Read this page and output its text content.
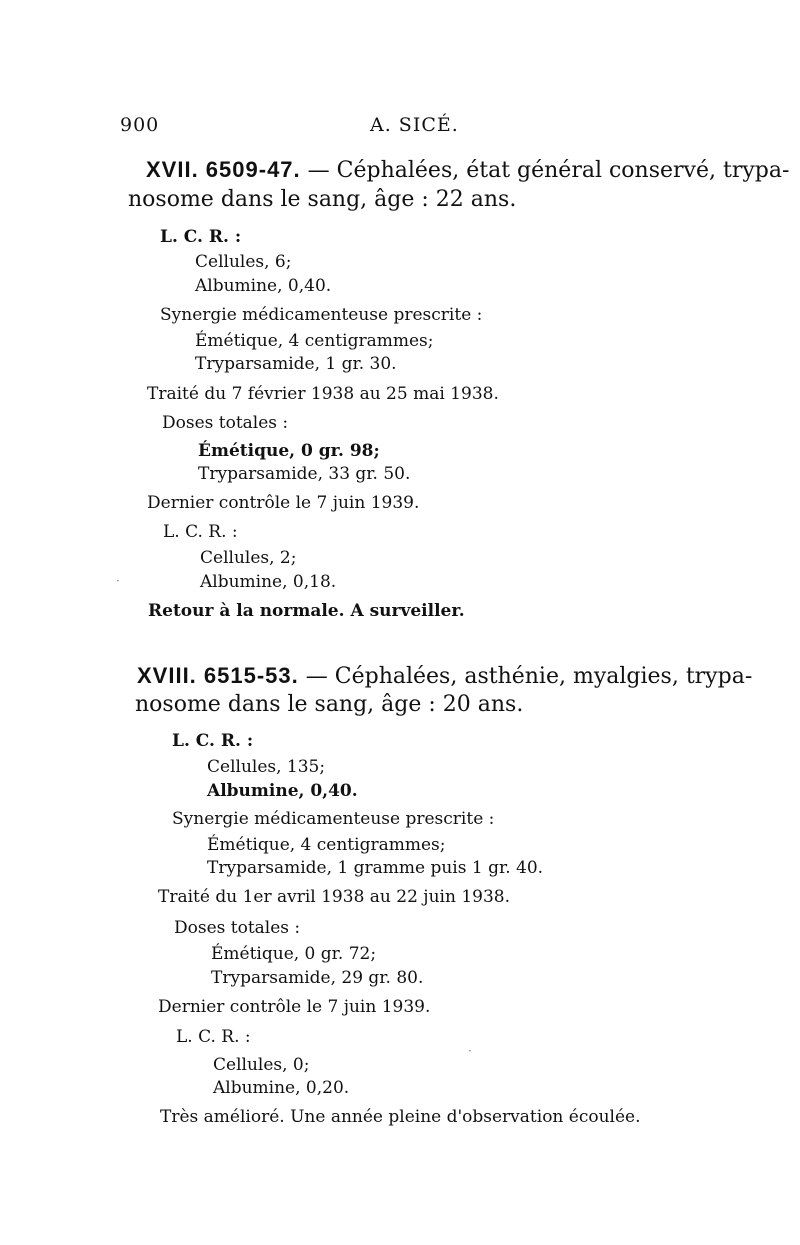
900	A. SICÉ.
XVII. 6509-47. — Céphalées, état général conservé, trypa-
nosome dans le sang, âge : 22 ans.
L. C. R. :
Cellules, 6;
Albumine, 0,40.
Synergie médicamenteuse prescrite :
Émétique, 4 centigrammes;
Tryparsamide, 1 gr. 30.
Traité du 7 février 1938 au 25 mai 1938.
Doses totales :
Émétique, 0 gr. 98;
Tryparsamide, 33 gr. 50.
Dernier contrôle le 7 juin 1939.
L. C. R. :
Cellules, 2;
Albumine, 0,18.
Retour à la normale. A surveiller.
XVIII. 6515-53. — Céphalées, asthénie, myalgies, trypa-
nosome dans le sang, âge : 20 ans.
L. C. R. :
Cellules, 135;
Albumine, 0,40.
Synergie médicamenteuse prescrite :
Émétique, 4 centigrammes;
Tryparsamide, 1 gramme puis 1 gr. 40.
Traité du 1er avril 1938 au 22 juin 1938.
Doses totales :
Émétique, 0 gr. 72;
Tryparsamide, 29 gr. 80.
Dernier contrôle le 7 juin 1939.
L. C. R. :
Cellules, 0;
Albumine, 0,20.
Très amélioré. Une année pleine d'observation écoulée.
·
·
